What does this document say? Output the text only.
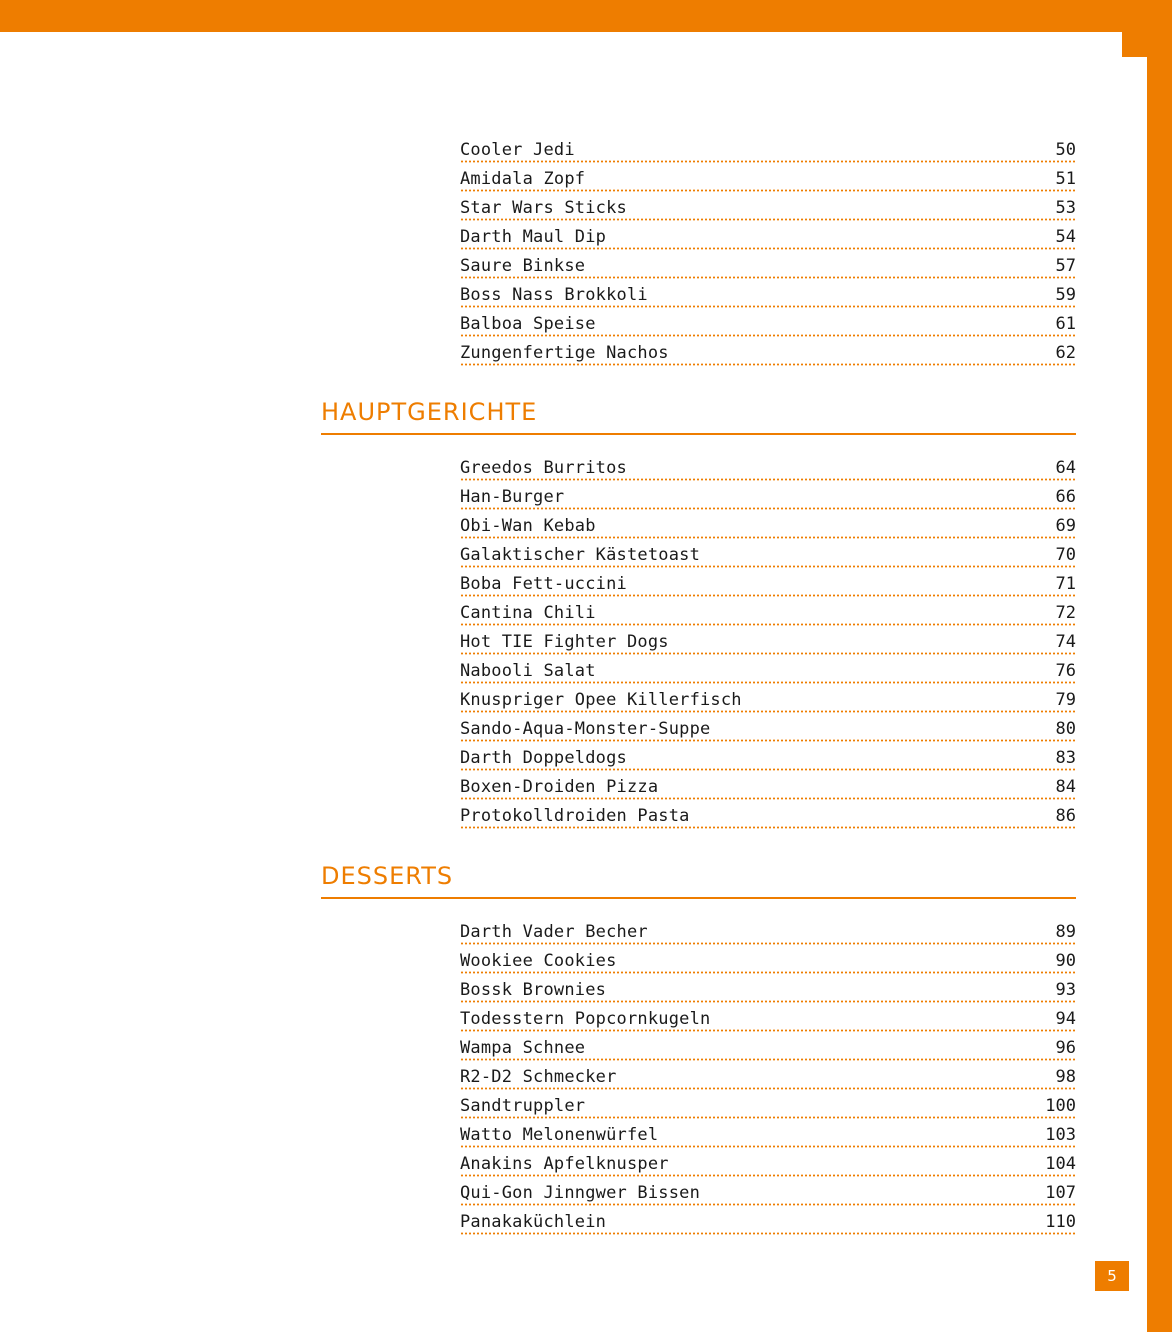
Cooler Jedi	50
Amidala Zopf	51
Star Wars Sticks	53
Darth Maul Dip	54
Saure Binkse	57
Boss Nass Brokkoli	59
Balboa Speise	61
Zungenfertige Nachos	62
HAUPTGERICHTE
Greedos Burritos	64
Han-Burger	66
Obi-Wan Kebab	69
Galaktischer Kästetoast	70
Boba Fett-uccini	71
Cantina Chili	72
Hot TIE Fighter Dogs	74
Nabooli Salat	76
Knuspriger Opee Killerfisch	79
Sando-Aqua-Monster-Suppe	80
Darth Doppeldogs	83
Boxen-Droiden Pizza	84
Protokolldroiden Pasta	86
DESSERTS
Darth Vader Becher	89
Wookiee Cookies	90
Bossk Brownies	93
Todesstern Popcornkugeln	94
Wampa Schnee	96
R2-D2 Schmecker	98
Sandtruppler	100
Watto Melonenwürfel	103
Anakins Apfelknusper	104
Qui-Gon Jinngwer Bissen	107
Panakaküchlein	110
5
